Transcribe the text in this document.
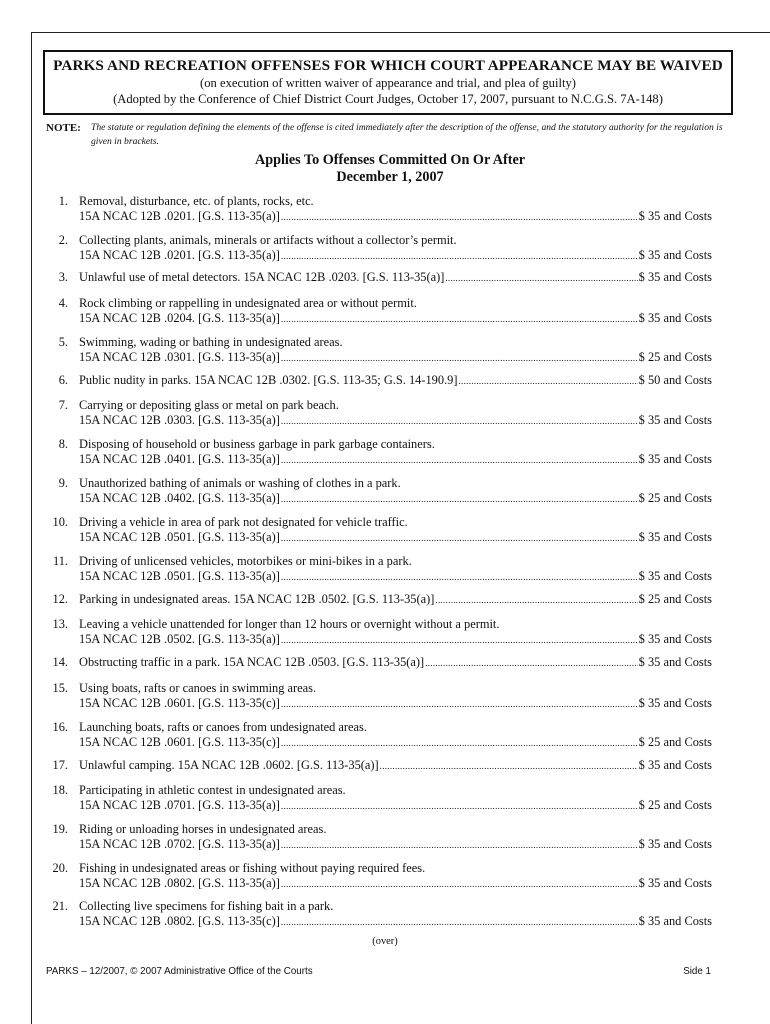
PARKS AND RECREATION OFFENSES FOR WHICH COURT APPEARANCE MAY BE WAIVED
(on execution of written waiver of appearance and trial, and plea of guilty)
(Adopted by the Conference of Chief District Court Judges, October 17, 2007, pursuant to N.C.G.S. 7A-148)
NOTE: The statute or regulation defining the elements of the offense is cited immediately after the description of the offense, and the statutory authority for the regulation is given in brackets.
Applies To Offenses Committed On Or After
December 1, 2007
1. Removal, disturbance, etc. of plants, rocks, etc.
15A NCAC 12B .0201. [G.S. 113-35(a)] .....	$ 35 and Costs
2. Collecting plants, animals, minerals or artifacts without a collector’s permit.
15A NCAC 12B .0201. [G.S. 113-35(a)] .....	$ 35 and Costs
3. Unlawful use of metal detectors. 15A NCAC 12B .0203. [G.S. 113-35(a)] .....	$ 35 and Costs
4. Rock climbing or rappelling in undesignated area or without permit.
15A NCAC 12B .0204. [G.S. 113-35(a)] .....	$ 35 and Costs
5. Swimming, wading or bathing in undesignated areas.
15A NCAC 12B .0301. [G.S. 113-35(a)] .....	$ 25 and Costs
6. Public nudity in parks. 15A NCAC 12B .0302. [G.S. 113-35; G.S. 14-190.9] .....	$ 50 and Costs
7. Carrying or depositing glass or metal on park beach.
15A NCAC 12B .0303. [G.S. 113-35(a)] .....	$ 35 and Costs
8. Disposing of household or business garbage in park garbage containers.
15A NCAC 12B .0401. [G.S. 113-35(a)] .....	$ 35 and Costs
9. Unauthorized bathing of animals or washing of clothes in a park.
15A NCAC 12B .0402. [G.S. 113-35(a)] .....	$ 25 and Costs
10. Driving a vehicle in area of park not designated for vehicle traffic.
15A NCAC 12B .0501. [G.S. 113-35(a)] .....	$ 35 and Costs
11. Driving of unlicensed vehicles, motorbikes or mini-bikes in a park.
15A NCAC 12B .0501. [G.S. 113-35(a)] .....	$ 35 and Costs
12. Parking in undesignated areas. 15A NCAC 12B .0502. [G.S. 113-35(a)] .....	$ 25 and Costs
13. Leaving a vehicle unattended for longer than 12 hours or overnight without a permit.
15A NCAC 12B .0502. [G.S. 113-35(a)] .....	$ 35 and Costs
14. Obstructing traffic in a park. 15A NCAC 12B .0503. [G.S. 113-35(a)] .....	$ 35 and Costs
15. Using boats, rafts or canoes in swimming areas.
15A NCAC 12B .0601. [G.S. 113-35(c)] .....	$ 35 and Costs
16. Launching boats, rafts or canoes from undesignated areas.
15A NCAC 12B .0601. [G.S. 113-35(c)] .....	$ 25 and Costs
17. Unlawful camping. 15A NCAC 12B .0602. [G.S. 113-35(a)] .....	$ 35 and Costs
18. Participating in athletic contest in undesignated areas.
15A NCAC 12B .0701. [G.S. 113-35(a)] .....	$ 25 and Costs
19. Riding or unloading horses in undesignated areas.
15A NCAC 12B .0702. [G.S. 113-35(a)] .....	$ 35 and Costs
20. Fishing in undesignated areas or fishing without paying required fees.
15A NCAC 12B .0802. [G.S. 113-35(a)] .....	$ 35 and Costs
21. Collecting live specimens for fishing bait in a park.
15A NCAC 12B .0802. [G.S. 113-35(c)] .....	$ 35 and Costs
(over)
PARKS – 12/2007, © 2007 Administrative Office of the Courts	Side 1
